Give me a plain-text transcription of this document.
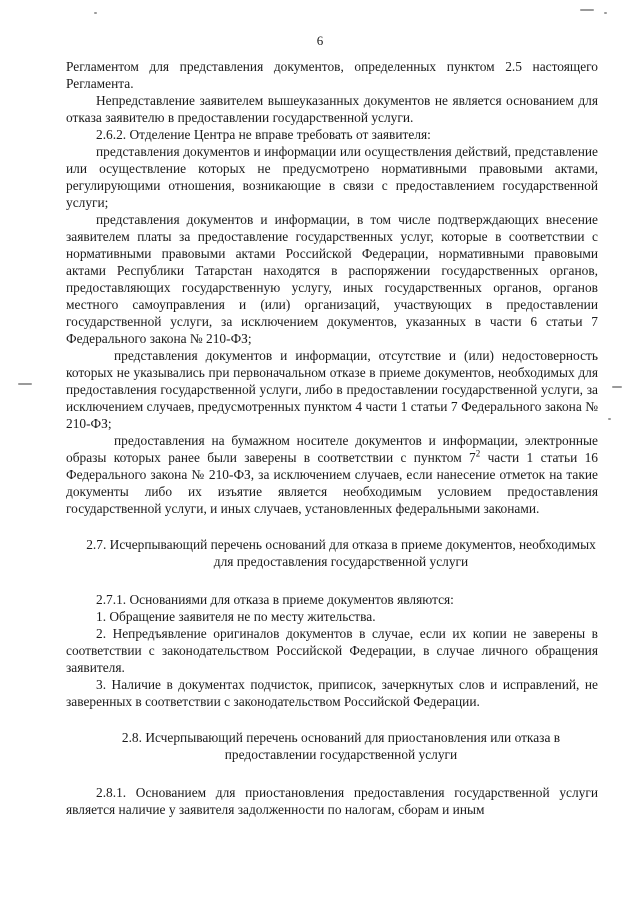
6

Регламентом для представления документов, определенных пунктом 2.5 настоящего Регламента.

Непредставление заявителем вышеуказанных документов не является основанием для отказа заявителю в предоставлении государственной услуги.

2.6.2. Отделение Центра не вправе требовать от заявителя:

представления документов и информации или осуществления действий, представление или осуществление которых не предусмотрено нормативными правовыми актами, регулирующими отношения, возникающие в связи с предоставлением государственной услуги;

представления документов и информации, в том числе подтверждающих внесение заявителем платы за предоставление государственных услуг, которые в соответствии с нормативными правовыми актами Российской Федерации, нормативными правовыми актами Республики Татарстан находятся в распоряжении государственных органов, предоставляющих государственную услугу, иных государственных органов, органов местного самоуправления и (или) организаций, участвующих в предоставлении государственной услуги, за исключением документов, указанных в части 6 статьи 7 Федерального закона № 210-ФЗ;

представления документов и информации, отсутствие и (или) недостоверность которых не указывались при первоначальном отказе в приеме документов, необходимых для предоставления государственной услуги, либо в предоставлении государственной услуги, за исключением случаев, предусмотренных пунктом 4 части 1 статьи 7 Федерального закона № 210-ФЗ;

предоставления на бумажном носителе документов и информации, электронные образы которых ранее были заверены в соответствии с пунктом $7^2$ части 1 статьи 16 Федерального закона № 210-ФЗ, за исключением случаев, если нанесение отметок на такие документы либо их изъятие является необходимым условием предоставления государственной услуги, и иных случаев, установленных федеральными законами.

2.7. Исчерпывающий перечень оснований для отказа в приеме документов, необходимых для предоставления государственной услуги

2.7.1. Основаниями для отказа в приеме документов являются:

1. Обращение заявителя не по месту жительства.

2. Непредъявление оригиналов документов в случае, если их копии не заверены в соответствии с законодательством Российской Федерации, в случае личного обращения заявителя.

3. Наличие в документах подчисток, приписок, зачеркнутых слов и исправлений, не заверенных в соответствии с законодательством Российской Федерации.

2.8. Исчерпывающий перечень оснований для приостановления или отказа в предоставлении государственной услуги

2.8.1. Основанием для приостановления предоставления государственной услуги является наличие у заявителя задолженности по налогам, сборам и иным
